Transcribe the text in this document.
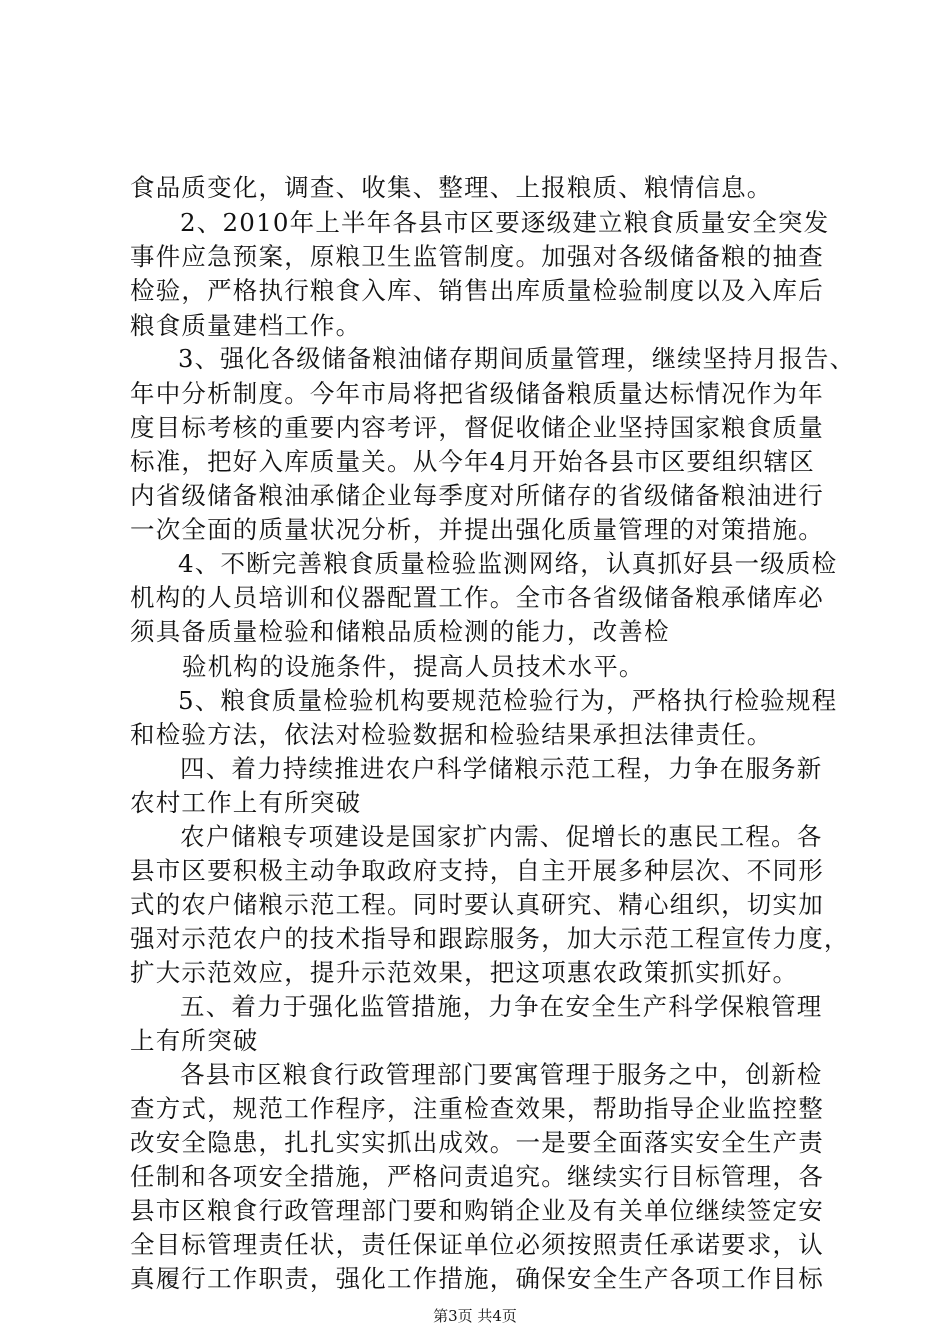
食品质变化，调查、收集、整理、上报粮质、粮情信息。
2、2010年上半年各县市区要逐级建立粮食质量安全突发
事件应急预案，原粮卫生监管制度。加强对各级储备粮的抽查
检验，严格执行粮食入库、销售出库质量检验制度以及入库后
粮食质量建档工作。
3、强化各级储备粮油储存期间质量管理，继续坚持月报告、
年中分析制度。今年市局将把省级储备粮质量达标情况作为年
度目标考核的重要内容考评，督促收储企业坚持国家粮食质量
标准，把好入库质量关。从今年4月开始各县市区要组织辖区
内省级储备粮油承储企业每季度对所储存的省级储备粮油进行
一次全面的质量状况分析，并提出强化质量管理的对策措施。
4、不断完善粮食质量检验监测网络，认真抓好县一级质检
机构的人员培训和仪器配置工作。全市各省级储备粮承储库必
须具备质量检验和储粮品质检测的能力，改善检
验机构的设施条件，提高人员技术水平。
5、粮食质量检验机构要规范检验行为，严格执行检验规程
和检验方法，依法对检验数据和检验结果承担法律责任。
四、着力持续推进农户科学储粮示范工程，力争在服务新
农村工作上有所突破
农户储粮专项建设是国家扩内需、促增长的惠民工程。各
县市区要积极主动争取政府支持，自主开展多种层次、不同形
式的农户储粮示范工程。同时要认真研究、精心组织，切实加
强对示范农户的技术指导和跟踪服务，加大示范工程宣传力度，
扩大示范效应，提升示范效果，把这项惠农政策抓实抓好。
五、着力于强化监管措施，力争在安全生产科学保粮管理
上有所突破
各县市区粮食行政管理部门要寓管理于服务之中，创新检
查方式，规范工作程序，注重检查效果，帮助指导企业监控整
改安全隐患，扎扎实实抓出成效。一是要全面落实安全生产责
任制和各项安全措施，严格问责追究。继续实行目标管理，各
县市区粮食行政管理部门要和购销企业及有关单位继续签定安
全目标管理责任状，责任保证单位必须按照责任承诺要求，认
真履行工作职责，强化工作措施，确保安全生产各项工作目标
第3页 共4页
